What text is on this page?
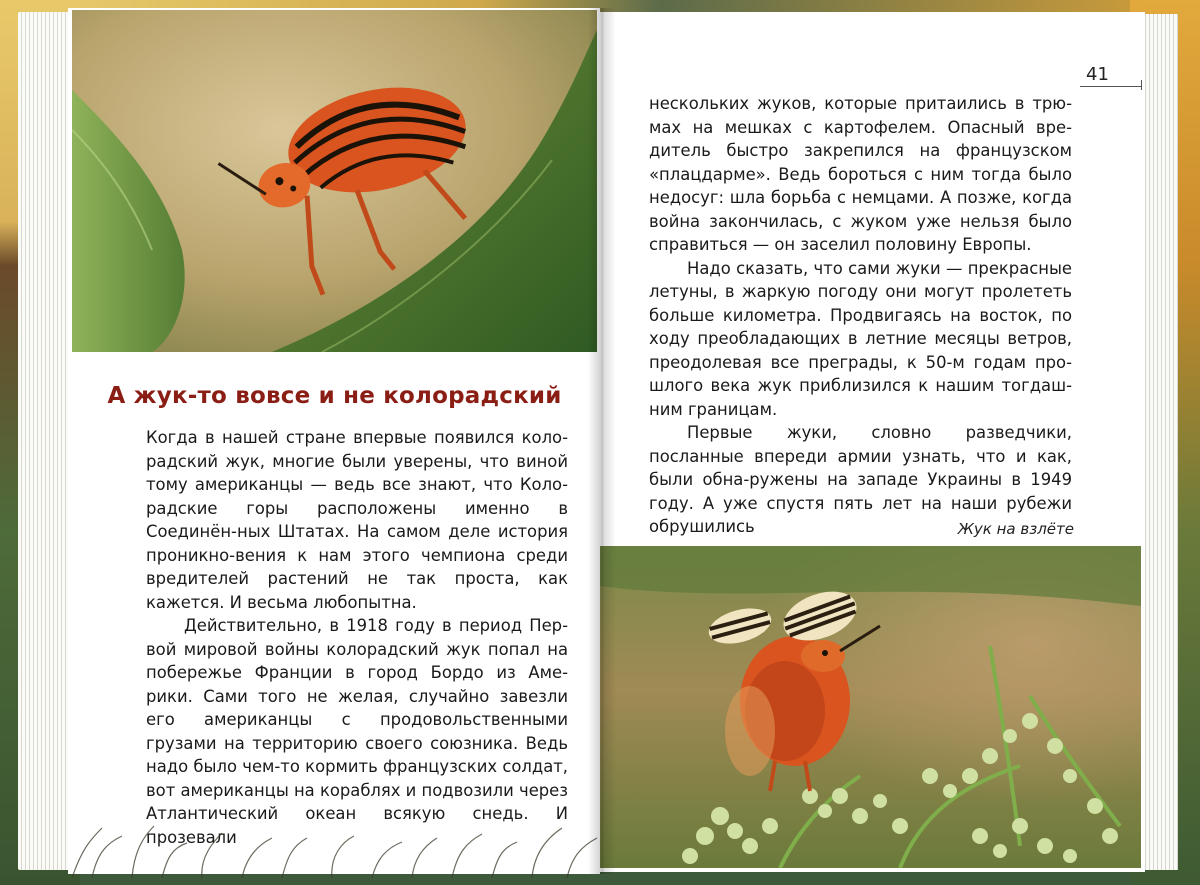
А жук-то вовсе и не колорадский

Когда в нашей стране впервые появился коло-радский жук, многие были уверены, что виной тому американцы — ведь все знают, что Коло-радские горы расположены именно в Соединён-ных Штатах. На самом деле история проникно-вения к нам этого чемпиона среди вредителей растений не так проста, как кажется. И весьма любопытна.

Действительно, в 1918 году в период Пер-вой мировой войны колорадский жук попал на побережье Франции в город Бордо из Аме-рики. Сами того не желая, случайно завезли его американцы с продовольственными грузами на территорию своего союзника. Ведь надо было чем-то кормить французских солдат, вот американцы на кораблях и подвозили через Атлантический океан всякую снедь. И прозевали

41

нескольких жуков, которые притаились в трю-мах на мешках с картофелем. Опасный вре-дитель быстро закрепился на французском «плацдарме». Ведь бороться с ним тогда было недосуг: шла борьба с немцами. А позже, когда война закончилась, с жуком уже нельзя было справиться — он заселил половину Европы.

Надо сказать, что сами жуки — прекрасные летуны, в жаркую погоду они могут пролететь больше километра. Продвигаясь на восток, по ходу преобладающих в летние месяцы ветров, преодолевая все преграды, к 50-м годам про-шлого века жук приблизился к нашим тогдаш-ним границам.

Первые жуки, словно разведчики, посланные впереди армии узнать, что и как, были обна-ружены на западе Украины в 1949 году. А уже спустя пять лет на наши рубежи обрушились	Жук на взлёте
